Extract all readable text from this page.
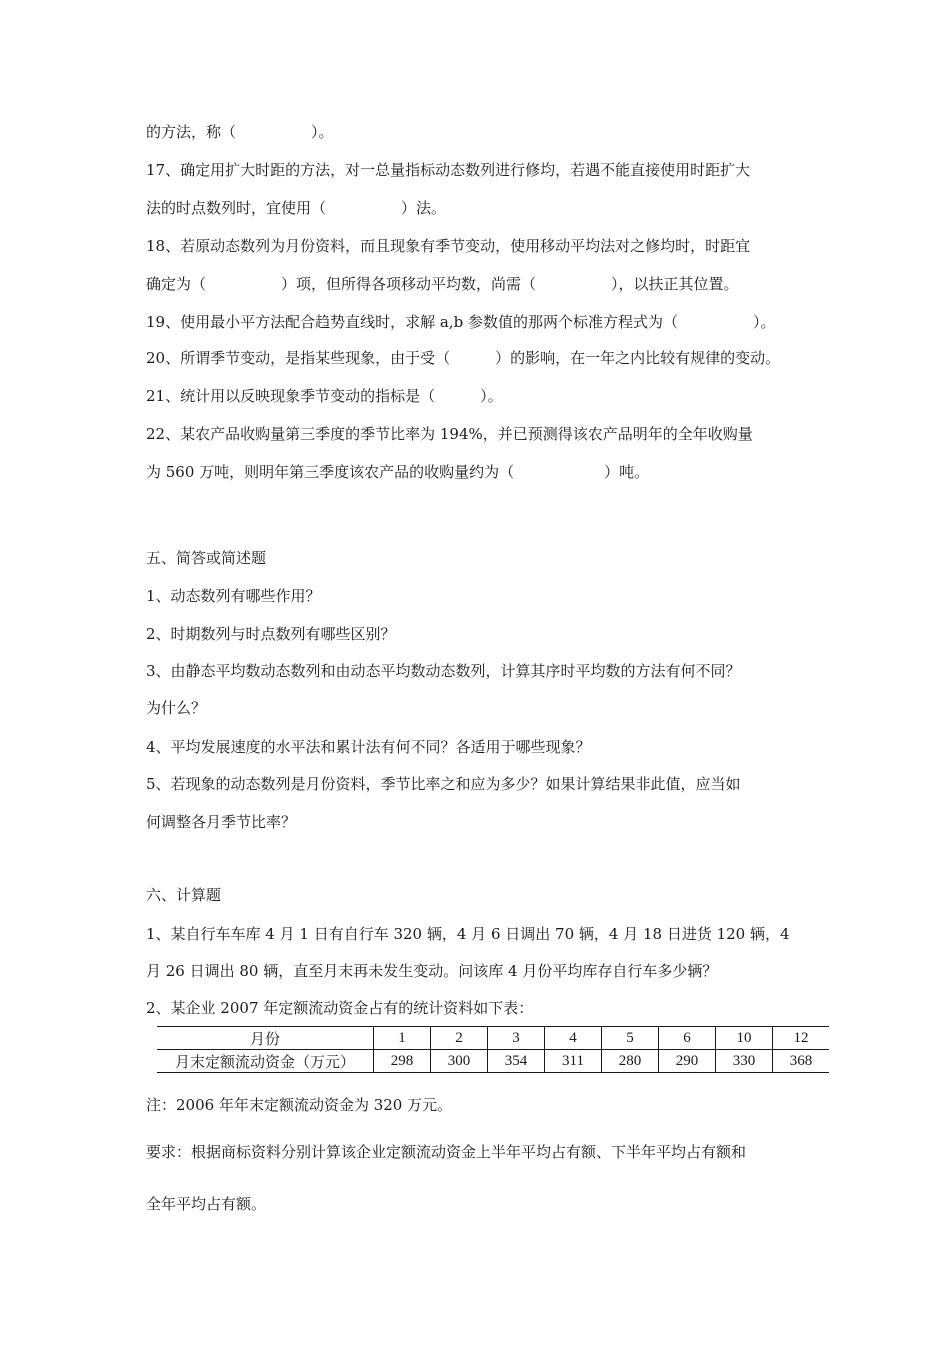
的方法，称（　　　　　）。
17、确定用扩大时距的方法，对一总量指标动态数列进行修均，若遇不能直接使用时距扩大
法的时点数列时，宜使用（　　　　　）法。
18、若原动态数列为月份资料，而且现象有季节变动，使用移动平均法对之修均时，时距宜
确定为（　　　　　）项，但所得各项移动平均数，尚需（　　　　　），以扶正其位置。
19、使用最小平方法配合趋势直线时，求解 a,b 参数值的那两个标准方程式为（　　　　　）。
20、所谓季节变动，是指某些现象，由于受（　　　）的影响，在一年之内比较有规律的变动。
21、统计用以反映现象季节变动的指标是（　　　）。
22、某农产品收购量第三季度的季节比率为 194%，并已预测得该农产品明年的全年收购量
为 560 万吨，则明年第三季度该农产品的收购量约为（　　　　　　）吨。
五、简答或简述题
1、动态数列有哪些作用？
2、时期数列与时点数列有哪些区别？
3、由静态平均数动态数列和由动态平均数动态数列，计算其序时平均数的方法有何不同？
为什么？
4、平均发展速度的水平法和累计法有何不同？各适用于哪些现象？
5、若现象的动态数列是月份资料，季节比率之和应为多少？如果计算结果非此值，应当如
何调整各月季节比率？
六、计算题
1、某自行车车库 4 月 1 日有自行车 320 辆，4 月 6 日调出 70 辆，4 月 18 日进货 120 辆，4
月 26 日调出 80 辆，直至月末再未发生变动。问该库 4 月份平均库存自行车多少辆？
2、某企业 2007 年定额流动资金占有的统计资料如下表：
月份	1	2	3	4	5	6	10	12
月末定额流动资金（万元）	298	300	354	311	280	290	330	368
注：2006 年年末定额流动资金为 320 万元。
要求：根据商标资料分别计算该企业定额流动资金上半年平均占有额、下半年平均占有额和
全年平均占有额。
